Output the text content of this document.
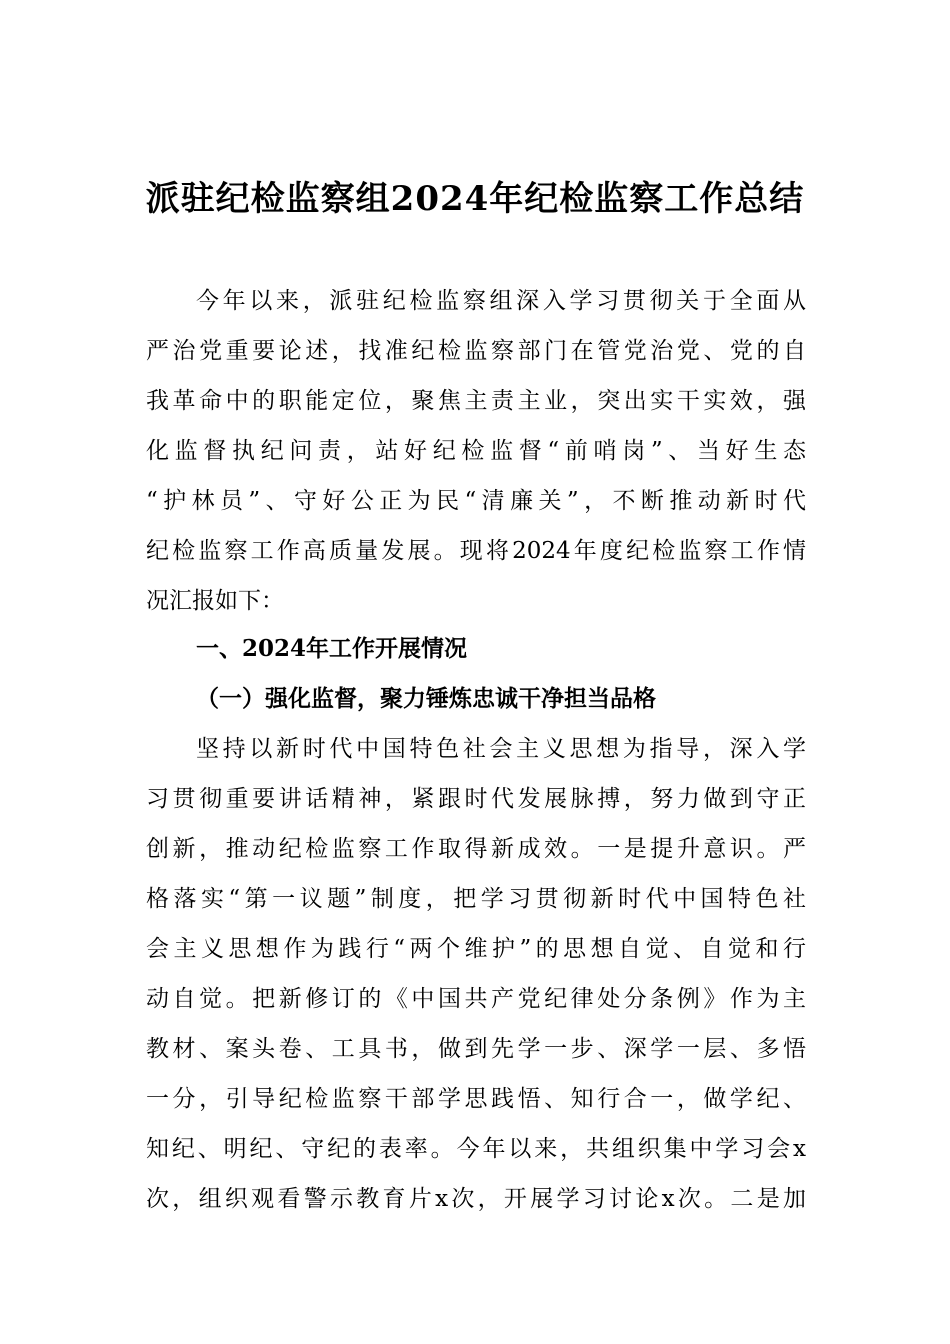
派驻纪检监察组2024年纪检监察工作总结
今年以来，派驻纪检监察组深入学习贯彻关于全面从
严治党重要论述，找准纪检监察部门在管党治党、党的自
我革命中的职能定位，聚焦主责主业，突出实干实效，强
化监督执纪问责，站好纪检监督“前哨岗”、当好生态
“护林员”、守好公正为民“清廉关”，不断推动新时代
纪检监察工作高质量发展。现将2024年度纪检监察工作情
况汇报如下：
一、2024年工作开展情况
（一）强化监督，聚力锤炼忠诚干净担当品格
坚持以新时代中国特色社会主义思想为指导，深入学
习贯彻重要讲话精神，紧跟时代发展脉搏，努力做到守正
创新，推动纪检监察工作取得新成效。一是提升意识。严
格落实“第一议题”制度，把学习贯彻新时代中国特色社
会主义思想作为践行“两个维护”的思想自觉、自觉和行
动自觉。把新修订的《中国共产党纪律处分条例》作为主
教材、案头卷、工具书，做到先学一步、深学一层、多悟
一分，引导纪检监察干部学思践悟、知行合一，做学纪、
知纪、明纪、守纪的表率。今年以来，共组织集中学习会x
次，组织观看警示教育片x次，开展学习讨论x次。二是加
